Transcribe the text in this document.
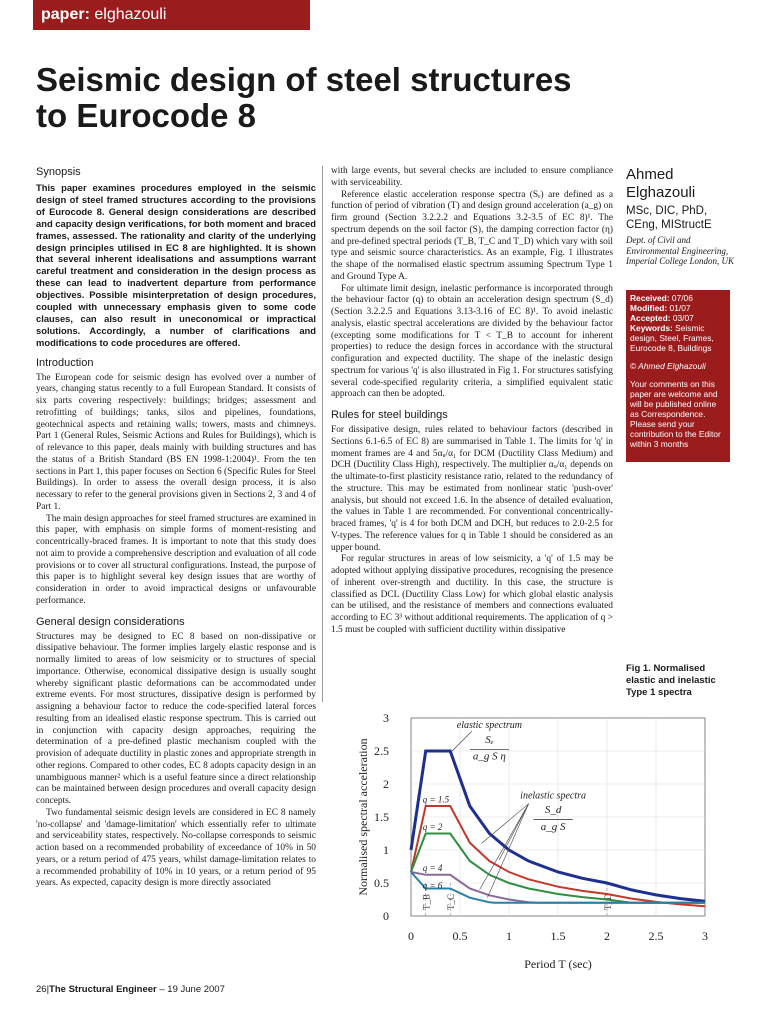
paper: elghazouli
Seismic design of steel structures
to Eurocode 8
Synopsis

This paper examines procedures employed in the seismic design of steel framed structures according to the provisions of Eurocode 8. General design considerations are described and capacity design verifications, for both moment and braced frames, assessed. The rationality and clarity of the underlying design principles utilised in EC 8 are highlighted. It is shown that several inherent idealisations and assumptions warrant careful treatment and consideration in the design process as these can lead to inadvertent departure from performance objectives. Possible misinterpretation of design procedures, coupled with unnecessary emphasis given to some code clauses, can also result in uneconomical or impractical solutions. Accordingly, a number of clarifications and modifications to code procedures are offered.

Introduction

The European code for seismic design has evolved over a number of years, changing status recently to a full European Standard. It consists of six parts covering respectively: buildings; bridges; assessment and retrofitting of buildings; tanks, silos and pipelines, foundations, geotechnical aspects and retaining walls; towers, masts and chimneys. Part 1 (General Rules, Seismic Actions and Rules for Buildings), which is of relevance to this paper, deals mainly with building structures and has the status of a British Standard (BS EN 1998-1:2004)¹. From the ten sections in Part 1, this paper focuses on Section 6 (Specific Rules for Steel Buildings). In order to assess the overall design process, it is also necessary to refer to the general provisions given in Sections 2, 3 and 4 of Part 1.

The main design approaches for steel framed structures are examined in this paper, with emphasis on simple forms of moment-resisting and concentrically-braced frames. It is important to note that this study does not aim to provide a comprehensive description and evaluation of all code provisions or to cover all structural configurations. Instead, the purpose of this paper is to highlight several key design issues that are worthy of consideration in order to avoid impractical designs or unfavourable performance.

General design considerations

Structures may be designed to EC 8 based on non-dissipative or dissipative behaviour. The former implies largely elastic response and is normally limited to areas of low seismicity or to structures of special importance. Otherwise, economical dissipative design is usually sought whereby significant plastic deformations can be accommodated under extreme events. For most structures, dissipative design is performed by assigning a behaviour factor to reduce the code-specified lateral forces resulting from an idealised elastic response spectrum. This is carried out in conjunction with capacity design approaches, requiring the determination of a pre-defined plastic mechanism coupled with the provision of adequate ductility in plastic zones and appropriate strength in other regions. Compared to other codes, EC 8 adopts capacity design in an unambiguous manner² which is a useful feature since a direct relationship can be maintained between design procedures and overall capacity design concepts.

Two fundamental seismic design levels are considered in EC 8 namely 'no-collapse' and 'damage-limitation' which essentially refer to ultimate and serviceability states, respectively. No-collapse corresponds to seismic action based on a recommended probability of exceedance of 10% in 50 years, or a return period of 475 years, whilst damage-limitation relates to a recommended probability of 10% in 10 years, or a return period of 95 years. As expected, capacity design is more directly associated

with large events, but several checks are included to ensure compliance with serviceability.

Reference elastic acceleration response spectra (Sₑ) are defined as a function of period of vibration (T) and design ground acceleration (a_g) on firm ground (Section 3.2.2.2 and Equations 3.2-3.5 of EC 8)¹. The spectrum depends on the soil factor (S), the damping correction factor (η) and pre-defined spectral periods (T_B, T_C and T_D) which vary with soil type and seismic source characteristics. As an example, Fig. 1 illustrates the shape of the normalised elastic spectrum assuming Spectrum Type 1 and Ground Type A.

For ultimate limit design, inelastic performance is incorporated through the behaviour factor (q) to obtain an acceleration design spectrum (S_d) (Section 3.2.2.5 and Equations 3.13-3.16 of EC 8)¹. To avoid inelastic analysis, elastic spectral accelerations are divided by the behaviour factor (excepting some modifications for T < T_B to account for inherent properties) to reduce the design forces in accordance with the structural configuration and expected ductility. The shape of the inelastic design spectrum for various 'q' is also illustrated in Fig 1. For structures satisfying several code-specified regularity criteria, a simplified equivalent static approach can then be adopted.

Rules for steel buildings

For dissipative design, rules related to behaviour factors (described in Sections 6.1-6.5 of EC 8) are summarised in Table 1. The limits for 'q' in moment frames are 4 and 5αᵤ/α₁ for DCM (Ductility Class Medium) and DCH (Ductility Class High), respectively. The multiplier αᵤ/α₁ depends on the ultimate-to-first plasticity resistance ratio, related to the redundancy of the structure. This may be estimated from nonlinear static 'push-over' analysis, but should not exceed 1.6. In the absence of detailed evaluation, the values in Table 1 are recommended. For conventional concentrically-braced frames, 'q' is 4 for both DCM and DCH, but reduces to 2.0-2.5 for V-types. The reference values for q in Table 1 should be considered as an upper bound.

For regular structures in areas of low seismicity, a 'q' of 1.5 may be adopted without applying dissipative procedures, recognising the presence of inherent over-strength and ductility. In this case, the structure is classified as DCL (Ductility Class Low) for which global elastic analysis can be utilised, and the resistance of members and connections evaluated according to EC 3³ without additional requirements. The application of q > 1.5 must be coupled with sufficient ductility within dissipative

Ahmed
Elghazouli
MSc, DIC, PhD,
CEng, MIStructE
Dept. of Civil and Environmental Engineering, Imperial College London, UK
Received: 07/06
Modified: 01/07
Accepted: 03/07
Keywords: Seismic design, Steel, Frames, Eurocode 8, Buildings
© Ahmed Elghazouli
Your comments on this paper are welcome and will be published online as Correspondence. Please send your contribution to the Editor within 3 months
Fig 1. Normalised
elastic and inelastic
Type 1 spectra
0
0.5
1
1.5
2
2.5
3
0	0.5	1	1.5	2	2.5	3
Period T (sec)
Normalised spectral acceleration
T_B T_C	T_D
q = 1.5
q = 2
q = 4
q = 6
elastic spectrum
Sₑ
a_g S η
inelastic spectra
S_d
a_g S
26|The Structural Engineer – 19 June 2007
